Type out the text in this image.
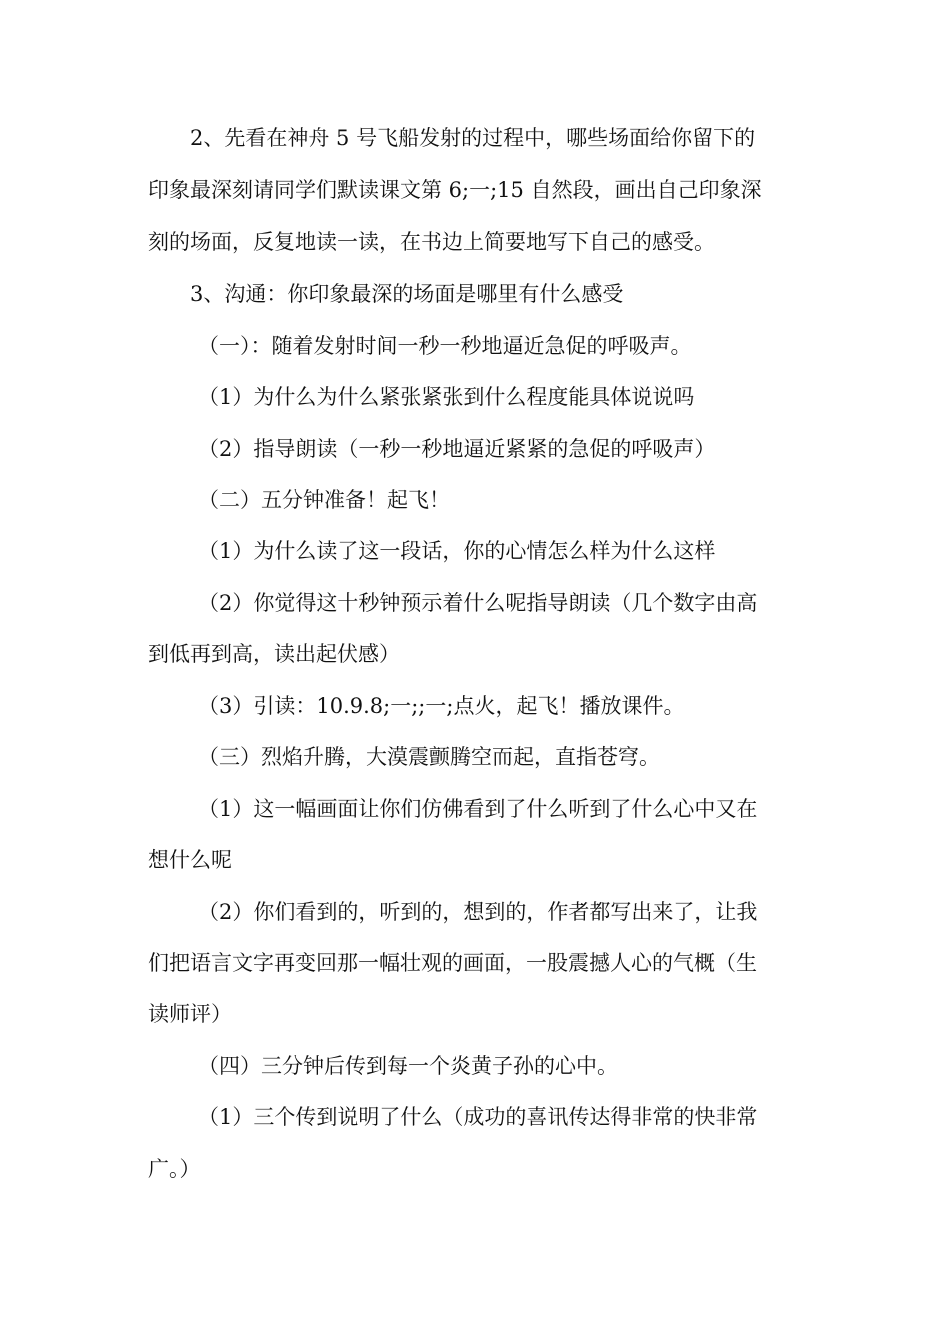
2、先看在神舟 5 号飞船发射的过程中，哪些场面给你留下的
印象最深刻请同学们默读课文第 6;一;15 自然段，画出自己印象深
刻的场面，反复地读一读，在书边上简要地写下自己的感受。
3、沟通：你印象最深的场面是哪里有什么感受
（一）：随着发射时间一秒一秒地逼近急促的呼吸声。
（1）为什么为什么紧张紧张到什么程度能具体说说吗
（2）指导朗读（一秒一秒地逼近紧紧的急促的呼吸声）
（二）五分钟准备！起飞！
（1）为什么读了这一段话，你的心情怎么样为什么这样
（2）你觉得这十秒钟预示着什么呢指导朗读（几个数字由高
到低再到高，读出起伏感）
（3）引读：10.9.8;一;;一;点火，起飞！播放课件。
（三）烈焰升腾，大漠震颤腾空而起，直指苍穹。
（1）这一幅画面让你们仿佛看到了什么听到了什么心中又在
想什么呢
（2）你们看到的，听到的，想到的，作者都写出来了，让我
们把语言文字再变回那一幅壮观的画面，一股震撼人心的气概（生
读师评）
（四）三分钟后传到每一个炎黄子孙的心中。
（1）三个传到说明了什么（成功的喜讯传达得非常的快非常
广。）
